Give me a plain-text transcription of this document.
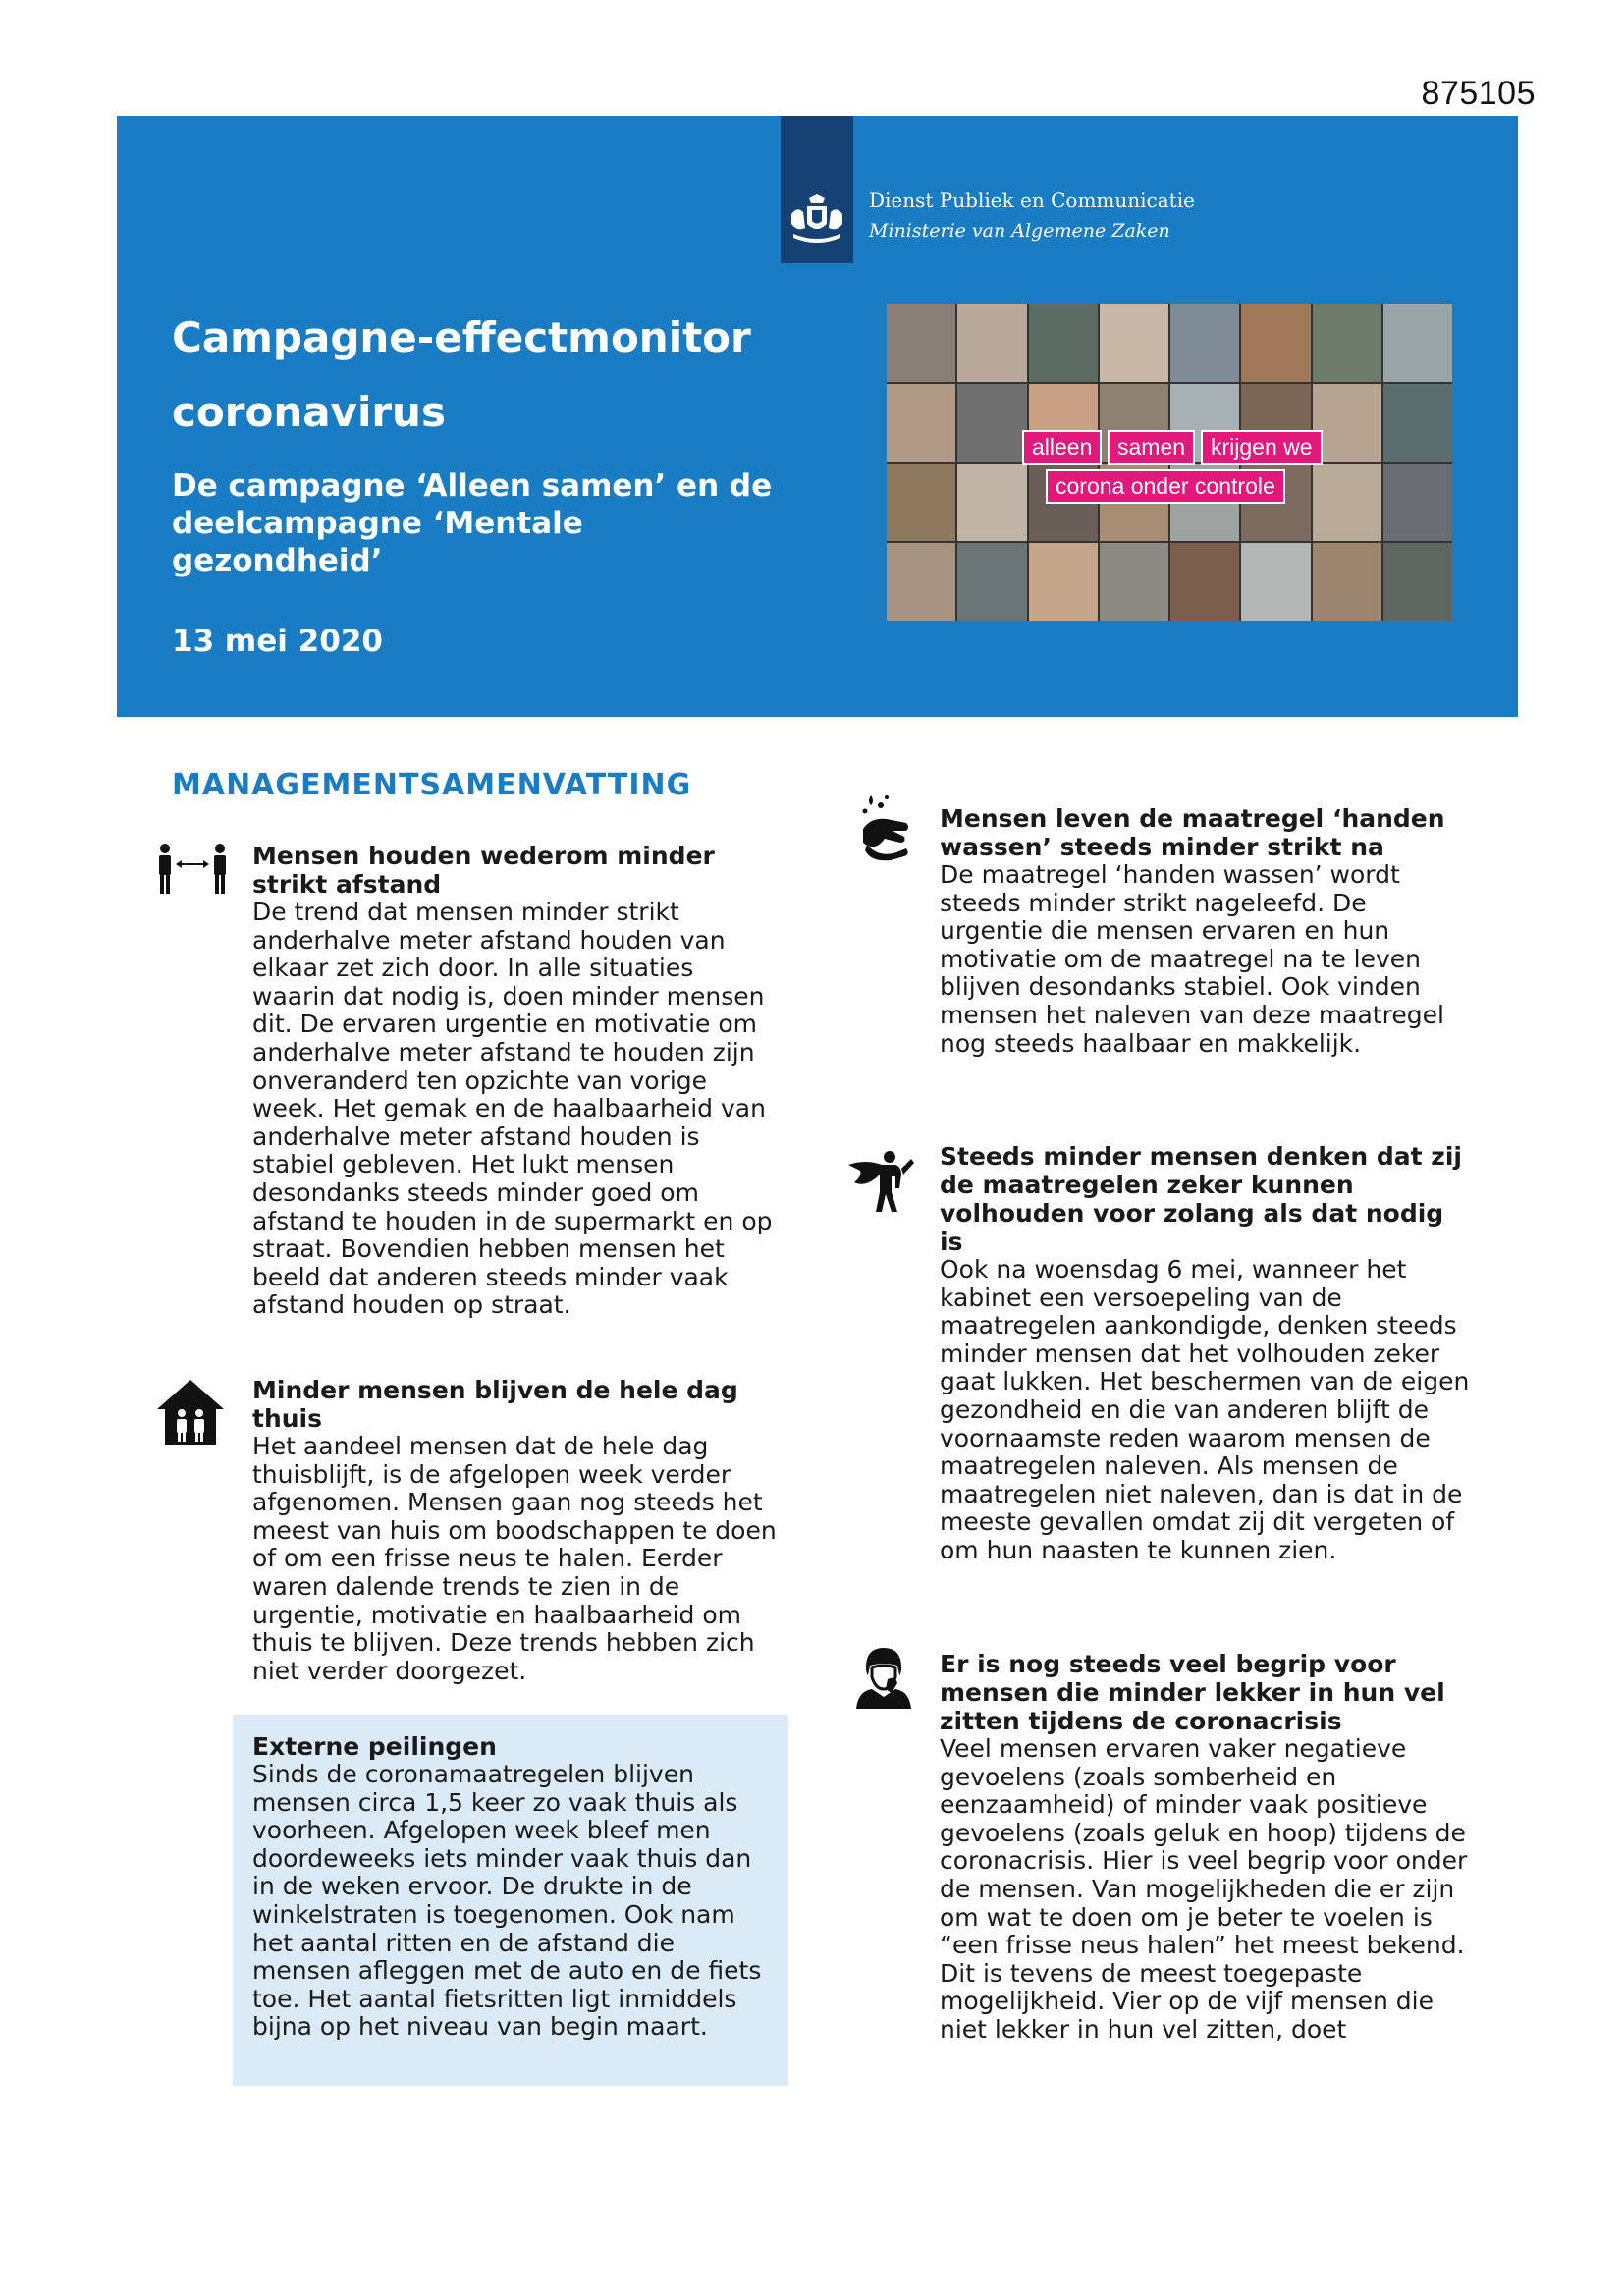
875105
Dienst Publiek en Communicatie
Ministerie van Algemene Zaken
Campagne-effectmonitor coronavirus

De campagne ‘Alleen samen’ en de deelcampagne ‘Mentale gezondheid’

13 mei 2020

alleen	samen	krijgen we
corona onder controle
MANAGEMENTSAMENVATTING

Mensen houden wederom minder strikt afstand

De trend dat mensen minder strikt anderhalve meter afstand houden van elkaar zet zich door. In alle situaties waarin dat nodig is, doen minder mensen dit. De ervaren urgentie en motivatie om anderhalve meter afstand te houden zijn onveranderd ten opzichte van vorige week. Het gemak en de haalbaarheid van anderhalve meter afstand houden is stabiel gebleven. Het lukt mensen desondanks steeds minder goed om afstand te houden in de supermarkt en op straat. Bovendien hebben mensen het beeld dat anderen steeds minder vaak afstand houden op straat.

Minder mensen blijven de hele dag thuis

Het aandeel mensen dat de hele dag thuisblijft, is de afgelopen week verder afgenomen. Mensen gaan nog steeds het meest van huis om boodschappen te doen of om een frisse neus te halen. Eerder waren dalende trends te zien in de urgentie, motivatie en haalbaarheid om thuis te blijven. Deze trends hebben zich niet verder doorgezet.

Externe peilingen

Sinds de coronamaatregelen blijven mensen circa 1,5 keer zo vaak thuis als voorheen. Afgelopen week bleef men doordeweeks iets minder vaak thuis dan in de weken ervoor. De drukte in de winkelstraten is toegenomen. Ook nam het aantal ritten en de afstand die mensen afleggen met de auto en de fiets toe. Het aantal fietsritten ligt inmiddels bijna op het niveau van begin maart.

Mensen leven de maatregel ‘handen wassen’ steeds minder strikt na

De maatregel ‘handen wassen’ wordt steeds minder strikt nageleefd. De urgentie die mensen ervaren en hun motivatie om de maatregel na te leven blijven desondanks stabiel. Ook vinden mensen het naleven van deze maatregel nog steeds haalbaar en makkelijk.

Steeds minder mensen denken dat zij de maatregelen zeker kunnen volhouden voor zolang als dat nodig is

Ook na woensdag 6 mei, wanneer het kabinet een versoepeling van de maatregelen aankondigde, denken steeds minder mensen dat het volhouden zeker gaat lukken. Het beschermen van de eigen gezondheid en die van anderen blijft de voornaamste reden waarom mensen de maatregelen naleven. Als mensen de maatregelen niet naleven, dan is dat in de meeste gevallen omdat zij dit vergeten of om hun naasten te kunnen zien.

Er is nog steeds veel begrip voor mensen die minder lekker in hun vel zitten tijdens de coronacrisis

Veel mensen ervaren vaker negatieve gevoelens (zoals somberheid en eenzaamheid) of minder vaak positieve gevoelens (zoals geluk en hoop) tijdens de coronacrisis. Hier is veel begrip voor onder de mensen. Van mogelijkheden die er zijn om wat te doen om je beter te voelen is “een frisse neus halen” het meest bekend. Dit is tevens de meest toegepaste mogelijkheid. Vier op de vijf mensen die niet lekker in hun vel zitten, doet
